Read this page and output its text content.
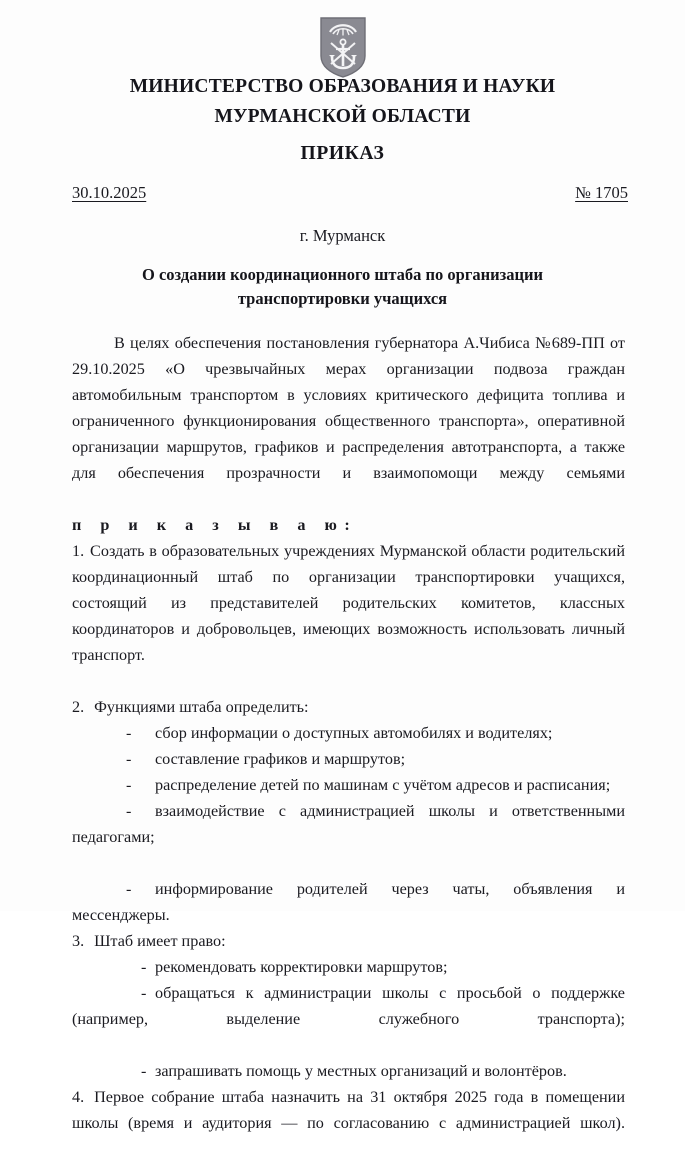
МИНИСТЕРСТВО ОБРАЗОВАНИЯ И НАУКИ
МУРМАНСКОЙ ОБЛАСТИ
ПРИКАЗ
30.10.2025	№ 1705
г. Мурманск
О создании координационного штаба по организации
транспортировки учащихся

В целях обеспечения постановления губернатора А.Чибиса №689-ПП от 29.10.2025 «О чрезвычайных мерах организации подвоза граждан автомобильным транспортом в условиях критического дефицита топлива и ограниченного функционирования общественного транспорта», оперативной организации маршрутов, графиков и распределения автотранспорта, а также для обеспечения прозрачности и взаимопомощи между семьями

п р и к а з ы в а ю:

1. Создать в образовательных учреждениях Мурманской области родительский координационный штаб по организации транспортировки учащихся, состоящий из представителей родительских комитетов, классных координаторов и добровольцев, имеющих возможность использовать личный транспорт.

2. Функциями штаба определить:

- сбор информации о доступных автомобилях и водителях;

- составление графиков и маршрутов;

- распределение детей по машинам с учётом адресов и расписания;

- взаимодействие с администрацией школы и ответственными педагогами;

- информирование родителей через чаты, объявления и мессенджеры.

3. Штаб имеет право:

- рекомендовать корректировки маршрутов;

- обращаться к администрации школы с просьбой о поддержке (например, выделение служебного транспорта);

- запрашивать помощь у местных организаций и волонтёров.

4. Первое собрание штаба назначить на 31 октября 2025 года в помещении школы (время и аудитория — по согласованию с администрацией школ).
